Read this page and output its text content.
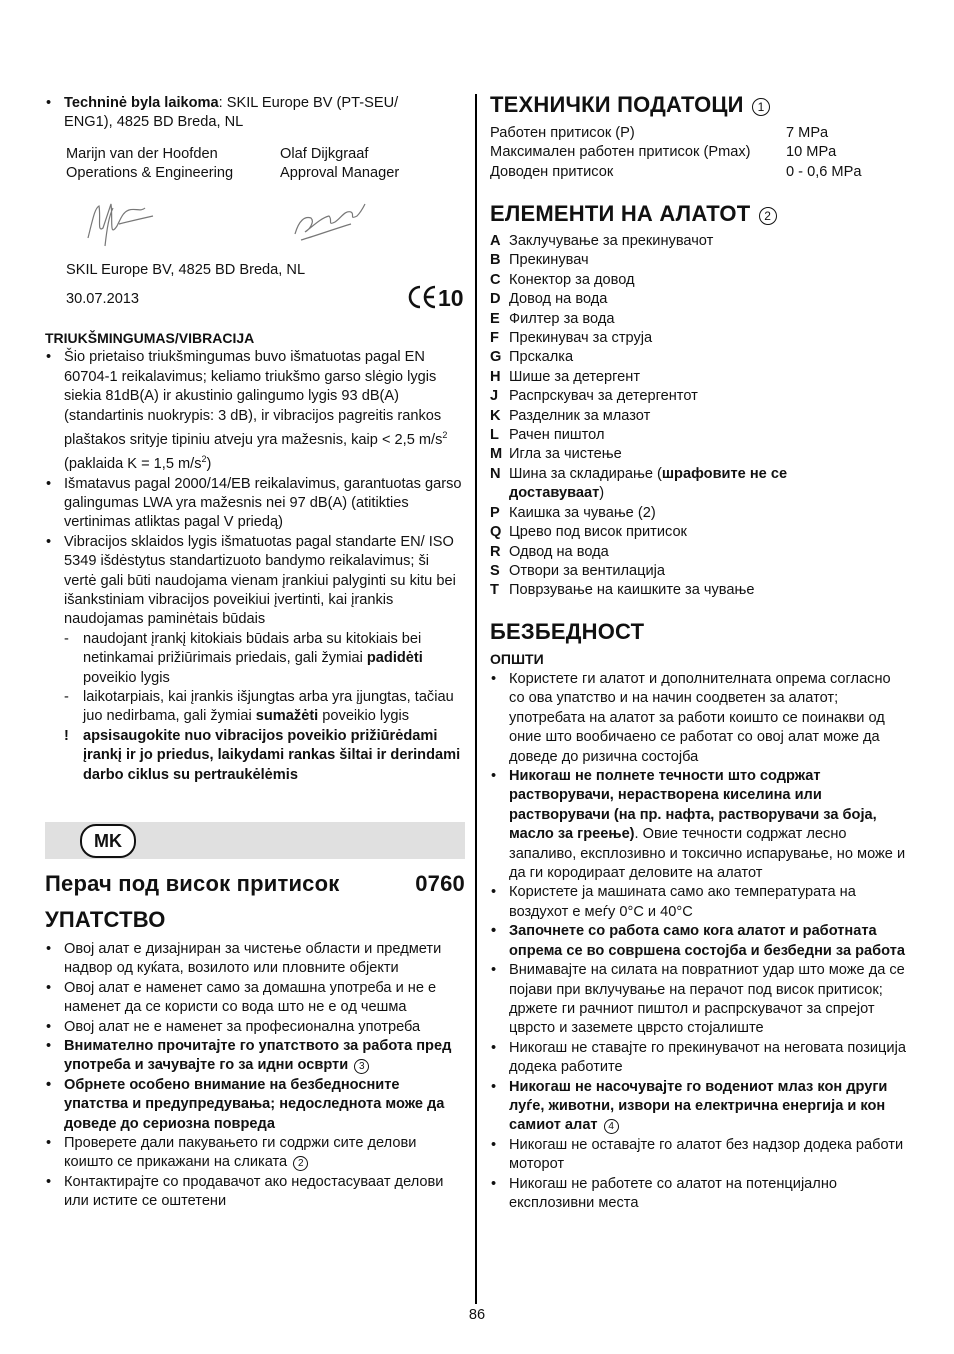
• Techninė byla laikoma: SKIL Europe BV (PT-SEU/ ENG1), 4825 BD Breda, NL
Marijn van der Hoofden
Operations & Engineering
Olaf Dijkgraaf
Approval Manager
SKIL Europe BV, 4825 BD Breda, NL
30.07.2013	10
TRIUKŠMINGUMAS/VIBRACIJA
• Šio prietaiso triukšmingumas buvo išmatuotas pagal EN 60704-1 reikalavimus; keliamo triukšmo garso slėgio lygis siekia 81dB(A) ir akustinio galingumo lygis 93 dB(A) (standartinis nuokrypis: 3 dB), ir vibracijos pagreitis rankos plaštakos srityje tipiniu atveju yra mažesnis, kaip < 2,5 $m/s^2$ (paklaida K = 1,5 $m/s^2$)
• Išmatavus pagal 2000/14/EB reikalavimus, garantuotas garso galingumas LWA yra mažesnis nei 97 dB(A) (atitikties vertinimas atliktas pagal V priedą)
• Vibracijos sklaidos lygis išmatuotas pagal standarte EN/ ISO 5349 išdėstytus standartizuoto bandymo reikalavimus; ši vertė gali būti naudojama vienam įrankiui palyginti su kitu bei išankstiniam vibracijos poveikiui įvertinti, kai įrankis naudojamas paminėtais būdais
- naudojant įrankį kitokiais būdais arba su kitokiais bei netinkamai prižiūrimais priedais, gali žymiai padidėti poveikio lygis
- laikotarpiais, kai įrankis išjungtas arba yra įjungtas, tačiau juo nedirbama, gali žymiai sumažėti poveikio lygis
! apsisaugokite nuo vibracijos poveikio prižiūrėdami įrankį ir jo priedus, laikydami rankas šiltai ir derindami darbo ciklus su pertraukėlėmis
MK
Перач под висок притисок	0760
УПАТСТВО
• Овој алат е дизајниран за чистење области и предмети надвор од куќата, возилото или пловните објекти
• Овој алат е наменет само за домашна употреба и не е наменет да се користи со вода што не е од чешма
• Овој алат не е наменет за професионална употреба
• Внимателно прочитајте го упатството за работа пред употреба и зачувајте го за идни осврти 3
• Обрнете особено внимание на безбедносните упатства и предупредувања; недоследнота може да доведе до сериозна повреда
• Проверете дали пакувањето ги содржи сите делови коишто се прикажани на сликата 2
• Контактирајте со продавачот ако недостасуваат делови или истите се оштетени
ТЕХНИЧКИ ПОДАТОЦИ 1
Работен притисок (P)	7 MPa
Максимален работен притисок (Pmax)	10 MPa
Доводен притисок	0 - 0,6 MPa
ЕЛЕМЕНТИ НА АЛАТОТ 2
A Заклучување за прекинувачот
B Прекинувач
C Конектор за довод
D Довод на вода
E Филтер за вода
F Прекинувач за струја
G Прскалка
H Шише за детергент
J Распрскувач за детергентот
K Разделник за млазот
L Рачен пиштол
M Игла за чистење
N Шина за складирање (шрафовите не се доставуваат)
P Каишка за чување (2)
Q Црево под висок притисок
R Одвод на вода
S Отвори за вентилација
T Поврзување на каишките за чување
БЕЗБЕДНОСТ
ОПШТИ
• Користете ги алатот и дополнителната опрема согласно со ова упатство и на начин соодветен за алатот; употребата на алатот за работи коишто се поинакви од оние што вообичаено се работат со овој алат може да доведе до ризична состојба
• Никогаш не полнете течности што содржат растворувачи, нерастворена киселина или растворувачи (на пр. нафта, растворувачи за боја, масло за греење). Овие течности содржат лесно запаливо, експлозивно и токсично испарување, но може и да ги кородираат деловите на алатот
• Користете ја машината само ако температурата на воздухот е меѓу 0°C и 40°C
• Започнете со работа само кога алатот и работната опрема се во совршена состојба и безбедни за работа
• Внимавајте на силата на повратниот удар што може да се појави при вклучување на перачот под висок притисок; држете ги рачниот пиштол и распрскувачот за спрејот цврсто и заземете цврсто стојалиште
• Никогаш не ставајте го прекинувачот на неговата позиција додека работите
• Никогаш не насочувајте го водениот млаз кон други луѓе, животни, извори на електрична енергија и кон самиот алат 4
• Никогаш не оставајте го алатот без надзор додека работи моторот
• Никогаш не работете со алатот на потенцијално експлозивни места
86
